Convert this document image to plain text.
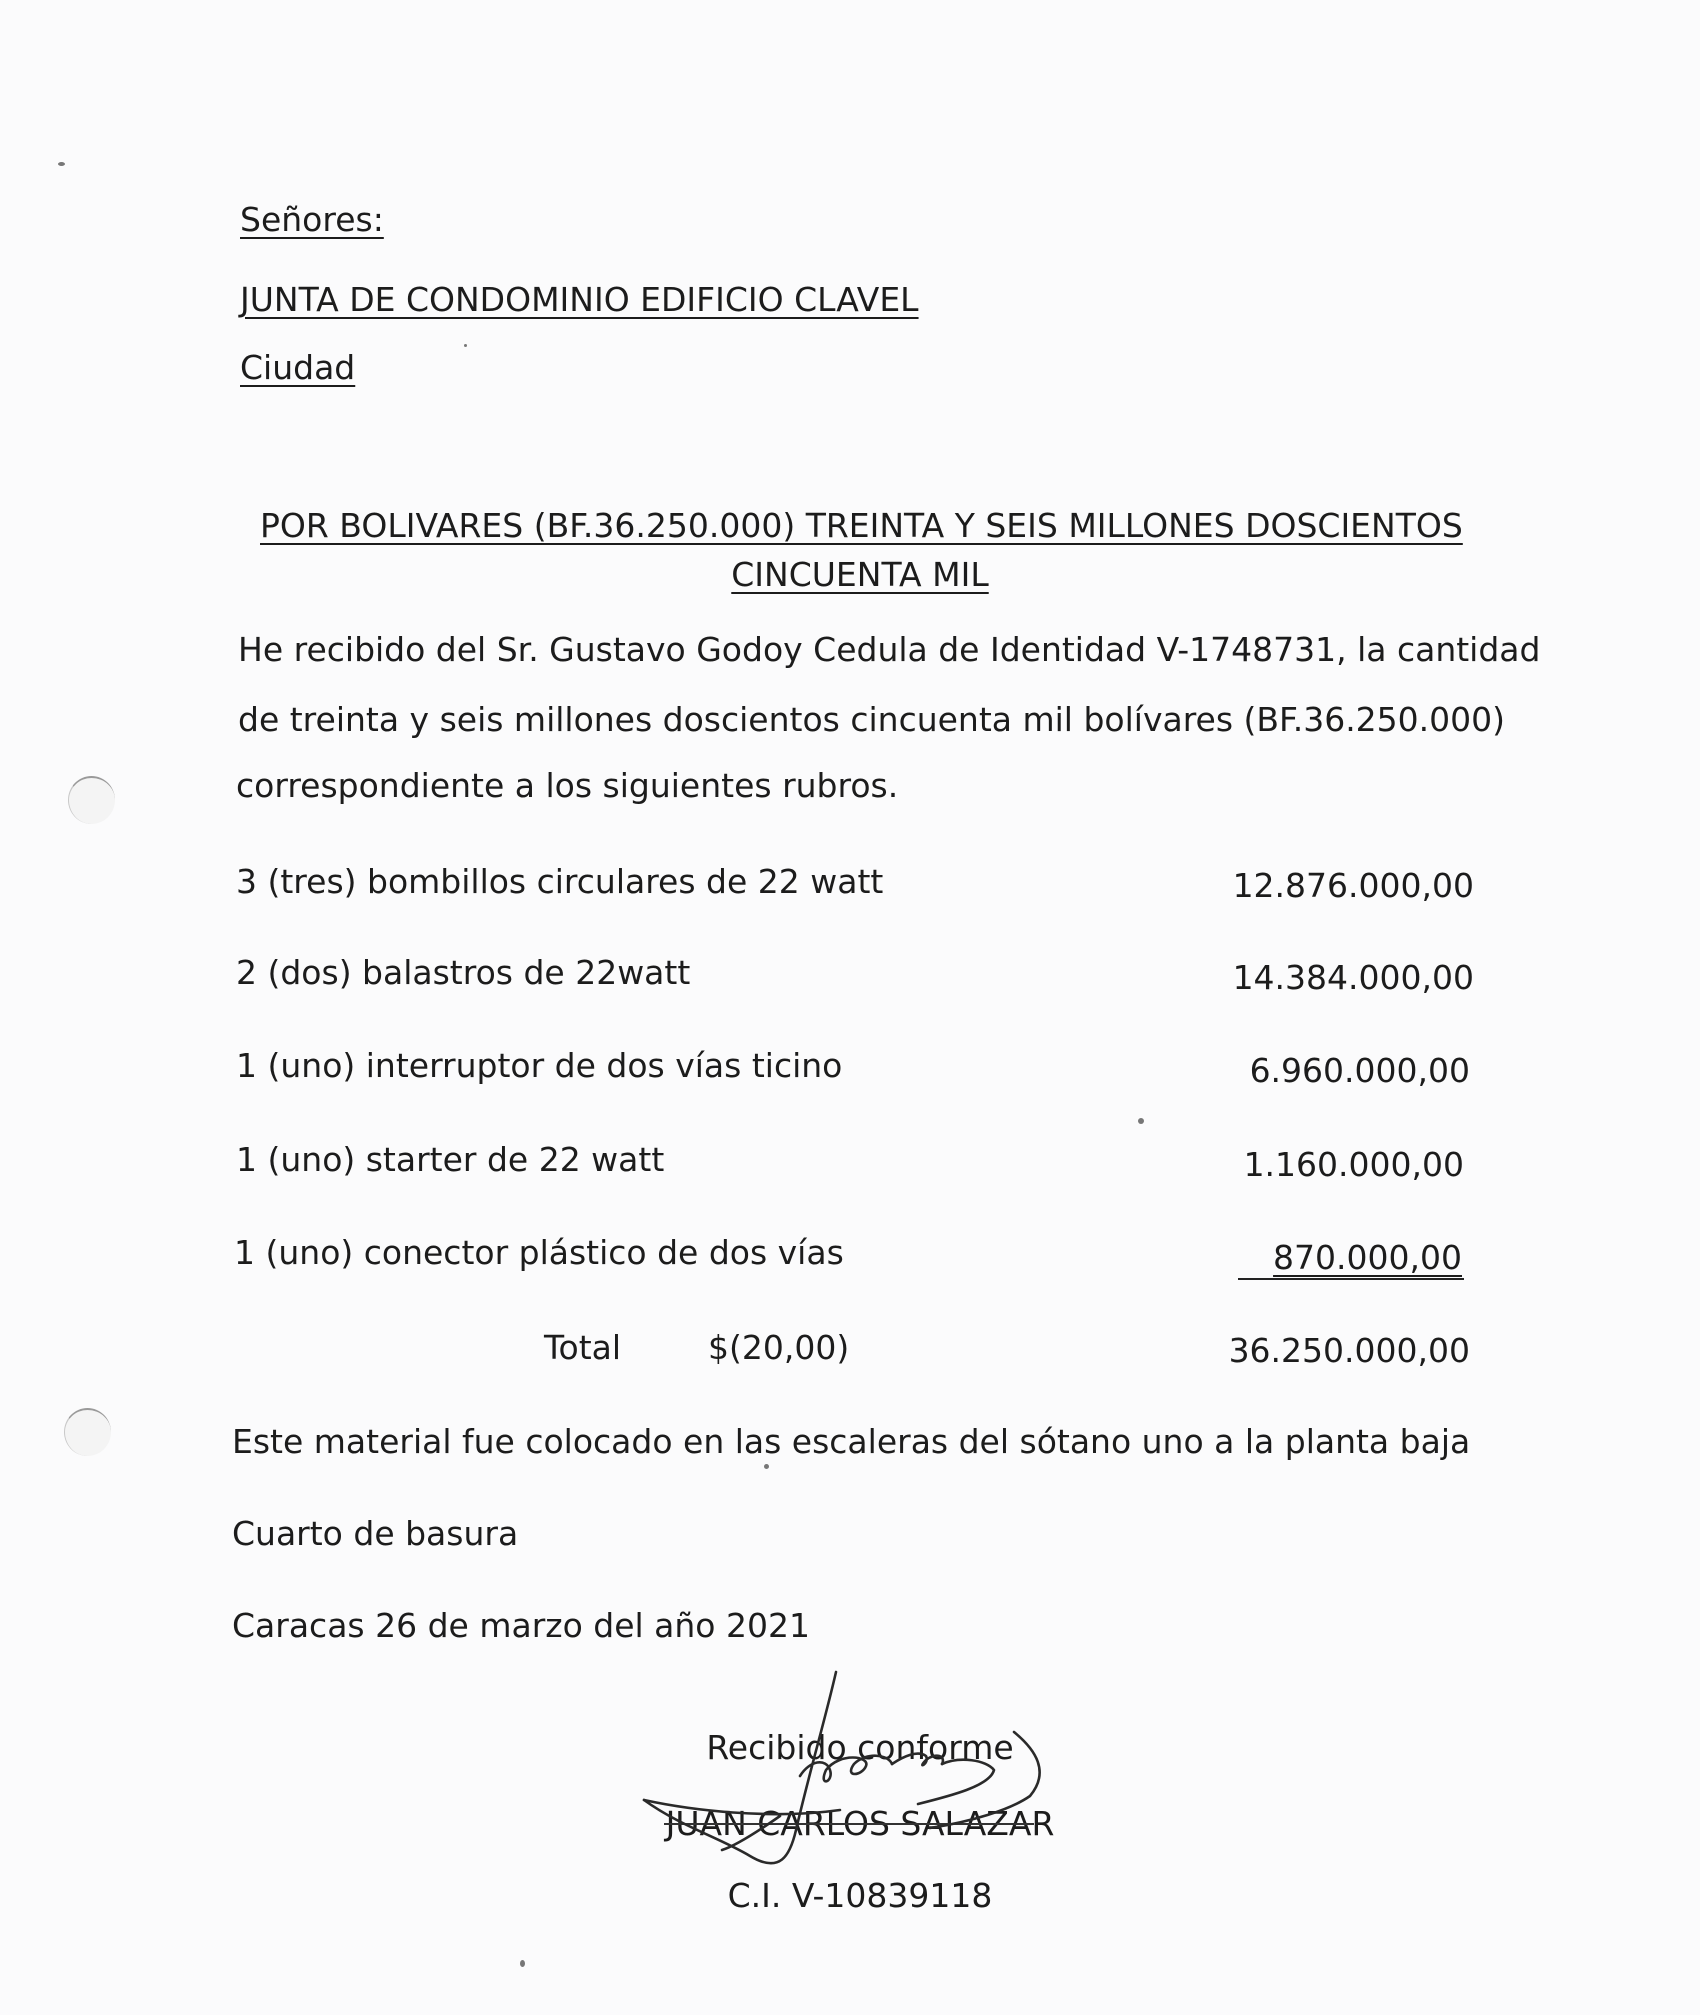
Señores:
JUNTA DE CONDOMINIO EDIFICIO CLAVEL
Ciudad
POR BOLIVARES (BF.36.250.000) TREINTA Y SEIS MILLONES DOSCIENTOS
CINCUENTA MIL
He recibido del Sr. Gustavo Godoy Cedula de Identidad V-1748731, la cantidad
de treinta y seis millones doscientos cincuenta mil bolívares (BF.36.250.000)
correspondiente a los siguientes rubros.
3 (tres) bombillos circulares de 22 watt	12.876.000,00
2 (dos) balastros de 22watt	14.384.000,00
1 (uno) interruptor de dos vías ticino	6.960.000,00
1 (uno) starter de 22 watt	1.160.000,00
1 (uno) conector plástico de dos vías	870.000,00
Total	$(20,00)	36.250.000,00
Este material fue colocado en las escaleras del sótano uno a la planta baja
Cuarto de basura
Caracas 26 de marzo del año 2021
Recibido conforme
JUAN CARLOS SALAZAR
C.I. V-10839118
